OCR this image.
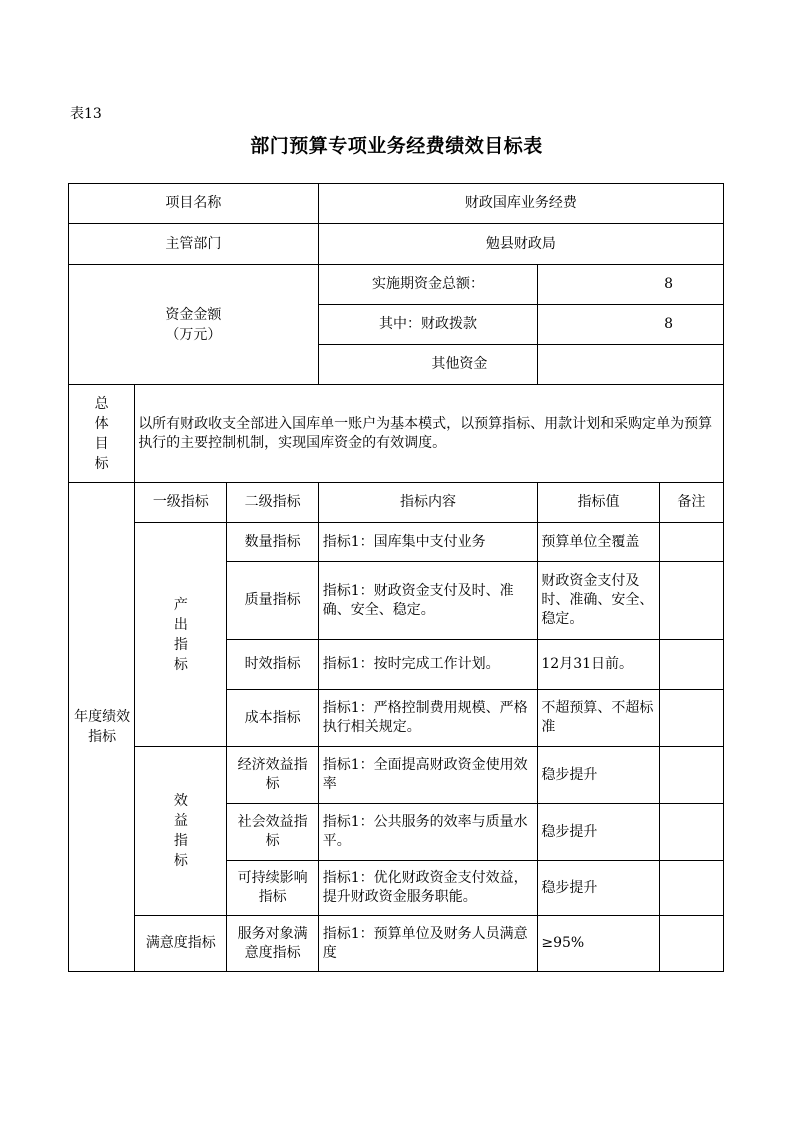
表13
部门预算专项业务经费绩效目标表
项目名称			财政国库业务经费		
主管部门			勉县财政局		

资金金额
（万元）			实施期资金总额：	8	
			其中：财政拨款	8	
			其他资金		
总体目标	以所有财政收支全部进入国库单一账户为基本模式，以预算指标、用款计划和采购定单为预算执行的主要控制机制，实现国库资金的有效调度。				
年度绩效指标	一级指标	二级指标	指标内容	指标值	备注
	产出指标	数量指标	指标1：国库集中支付业务	预算单位全覆盖	
		质量指标	指标1：财政资金支付及时、准确、安全、稳定。	财政资金支付及时、准确、安全、稳定。	
		时效指标	指标1：按时完成工作计划。	12月31日前。	
		成本指标	指标1：严格控制费用规模、严格执行相关规定。	不超预算、不超标准	
	效益指标	经济效益指标	指标1：全面提高财政资金使用效率	稳步提升	
		社会效益指标	指标1：公共服务的效率与质量水平。	稳步提升	
		可持续影响指标	指标1：优化财政资金支付效益，提升财政资金服务职能。	稳步提升	
	满意度指标	服务对象满意度指标	指标1：预算单位及财务人员满意度	≥95%	
